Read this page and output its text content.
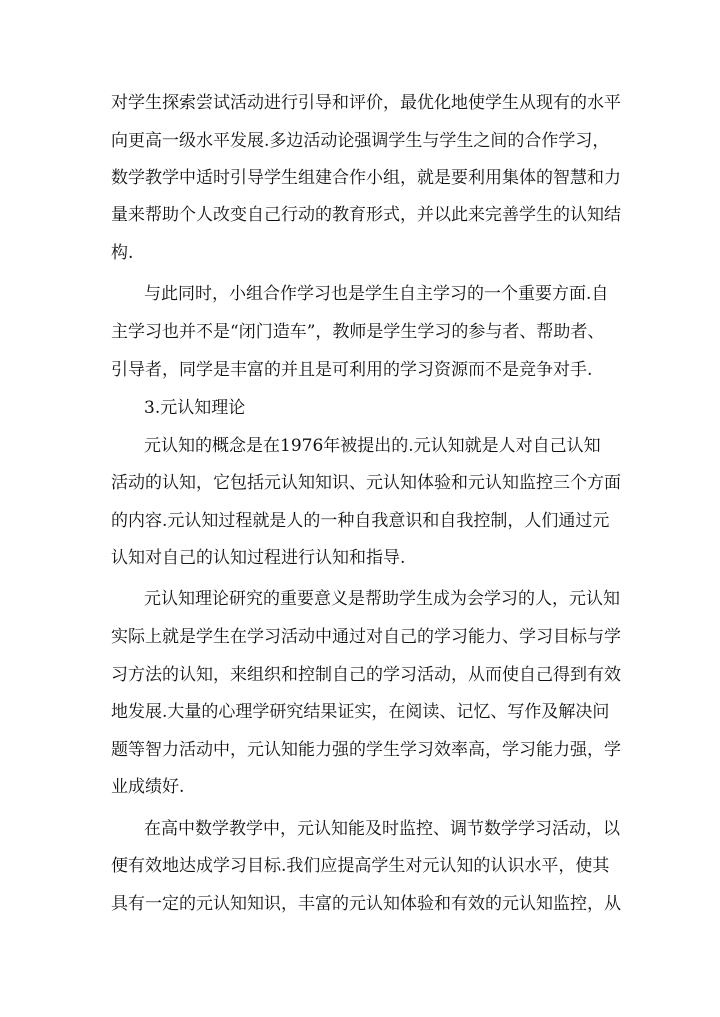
对学生探索尝试活动进行引导和评价，最优化地使学生从现有的水平
向更高一级水平发展.多边活动论强调学生与学生之间的合作学习，
数学教学中适时引导学生组建合作小组，就是要利用集体的智慧和力
量来帮助个人改变自己行动的教育形式，并以此来完善学生的认知结
构.
与此同时，小组合作学习也是学生自主学习的一个重要方面.自
主学习也并不是“闭门造车”，教师是学生学习的参与者、帮助者、
引导者，同学是丰富的并且是可利用的学习资源而不是竞争对手.
3.元认知理论
元认知的概念是在1976年被提出的.元认知就是人对自己认知
活动的认知，它包括元认知知识、元认知体验和元认知监控三个方面
的内容.元认知过程就是人的一种自我意识和自我控制，人们通过元
认知对自己的认知过程进行认知和指导.
元认知理论研究的重要意义是帮助学生成为会学习的人，元认知
实际上就是学生在学习活动中通过对自己的学习能力、学习目标与学
习方法的认知，来组织和控制自己的学习活动，从而使自己得到有效
地发展.大量的心理学研究结果证实，在阅读、记忆、写作及解决问
题等智力活动中，元认知能力强的学生学习效率高，学习能力强，学
业成绩好.
在高中数学教学中，元认知能及时监控、调节数学学习活动，以
便有效地达成学习目标.我们应提高学生对元认知的认识水平，使其
具有一定的元认知知识，丰富的元认知体验和有效的元认知监控，从
